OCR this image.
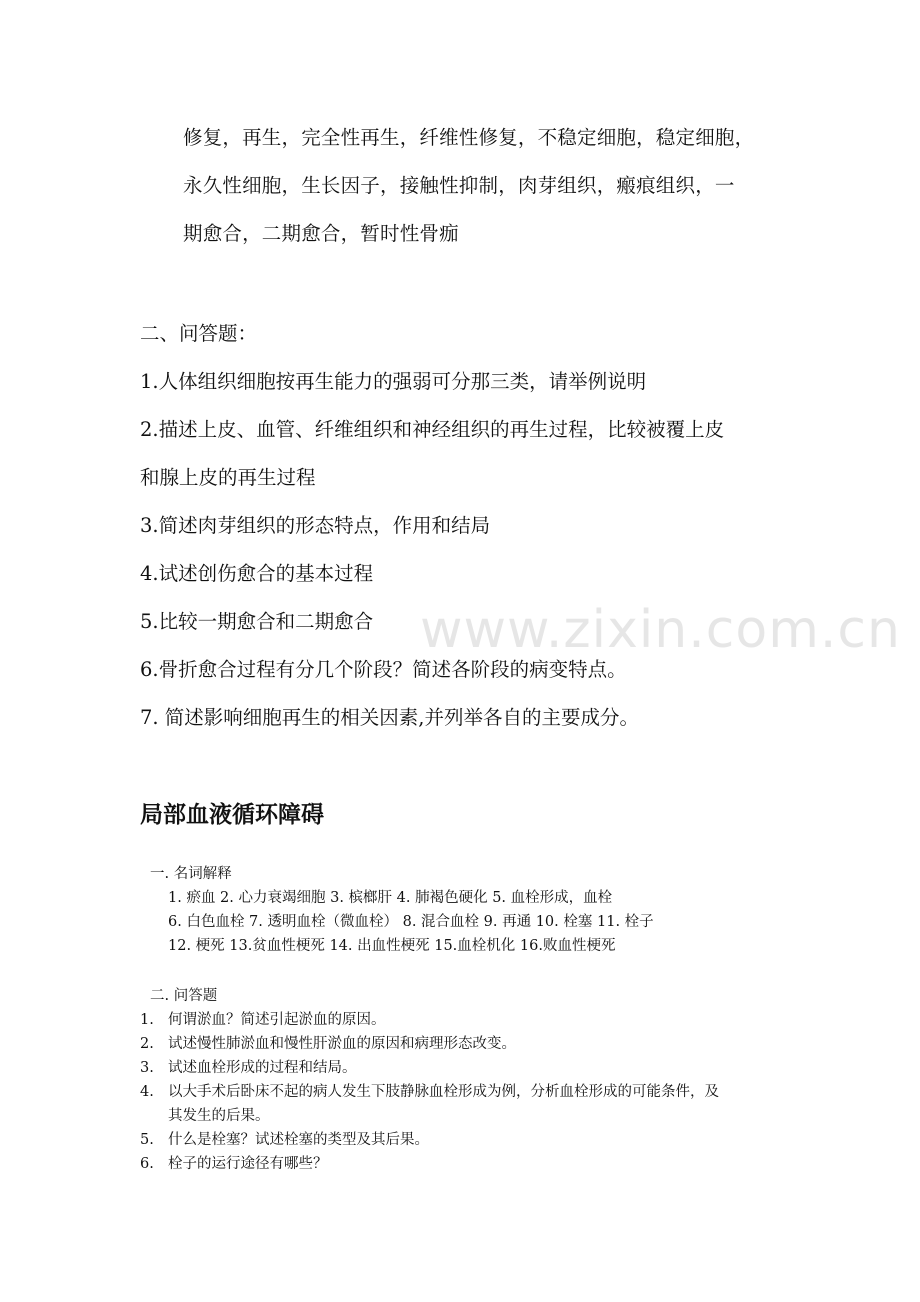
www.zixin.com.cn
修复，再生，完全性再生，纤维性修复，不稳定细胞，稳定细胞，
永久性细胞，生长因子，接触性抑制，肉芽组织，瘢痕组织，一
期愈合，二期愈合，暂时性骨痂
二、问答题：
1.人体组织细胞按再生能力的强弱可分那三类，请举例说明
2.描述上皮、血管、纤维组织和神经组织的再生过程，比较被覆上皮
和腺上皮的再生过程
3.简述肉芽组织的形态特点，作用和结局
4.试述创伤愈合的基本过程
5.比较一期愈合和二期愈合
6.骨折愈合过程有分几个阶段？简述各阶段的病变特点。
7. 简述影响细胞再生的相关因素,并列举各自的主要成分。
局部血液循环障碍
一. 名词解释
1. 瘀血 2. 心力衰竭细胞 3. 槟榔肝 4. 肺褐色硬化 5. 血栓形成，血栓
6. 白色血栓 7. 透明血栓（微血栓） 8. 混合血栓 9. 再通 10. 栓塞 11. 栓子
12. 梗死 13.贫血性梗死 14. 出血性梗死 15.血栓机化 16.败血性梗死
二. 问答题
1. 何谓淤血？简述引起淤血的原因。
2. 试述慢性肺淤血和慢性肝淤血的原因和病理形态改变。
3. 试述血栓形成的过程和结局。
4. 以大手术后卧床不起的病人发生下肢静脉血栓形成为例，分析血栓形成的可能条件，及
其发生的后果。
5. 什么是栓塞？试述栓塞的类型及其后果。
6. 栓子的运行途径有哪些？
